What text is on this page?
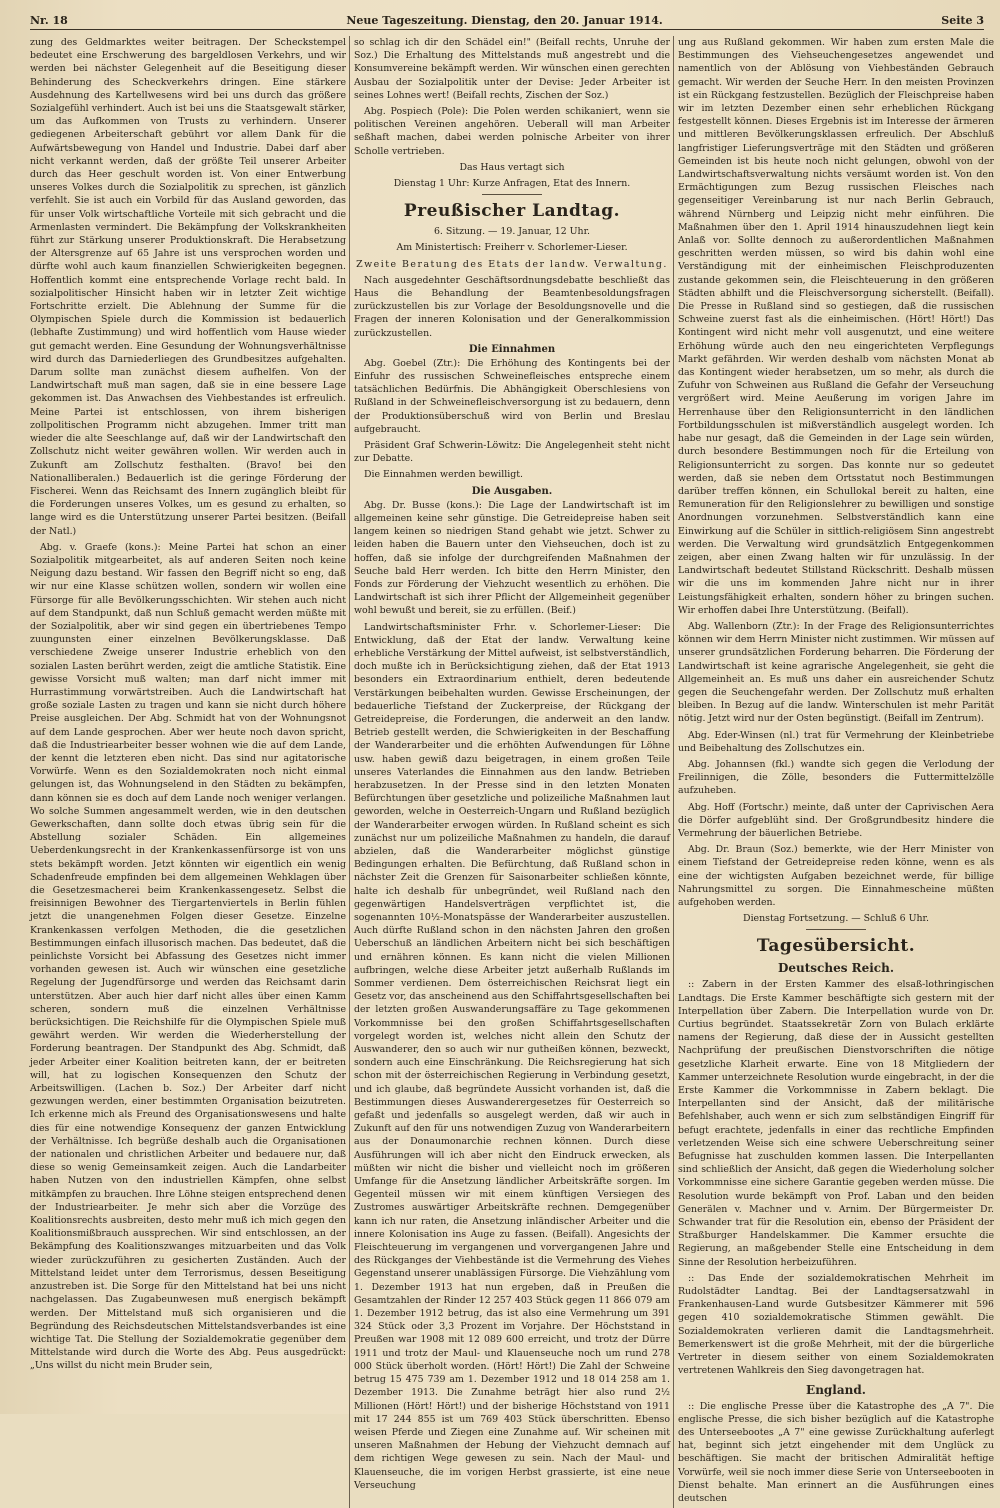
Nr. 18	Neue Tageszeitung. Dienstag, den 20. Januar 1914.	Seite 3

zung des Geldmarktes weiter beitragen. Der Scheckstempel bedeutet eine Erschwerung des bargeldlosen Verkehrs, und wir werden bei nächster Gelegenheit auf die Beseitigung dieser Behinderung des Scheckverkehrs dringen. Eine stärkere Ausdehnung des Kartellwesens wird bei uns durch das größere Sozialgefühl verhindert. Auch ist bei uns die Staatsgewalt stärker, um das Aufkommen von Trusts zu verhindern. Unserer gediegenen Arbeiterschaft gebührt vor allem Dank für die Aufwärtsbewegung von Handel und Industrie. Dabei darf aber nicht verkannt werden, daß der größte Teil unserer Arbeiter durch das Heer geschult worden ist. Von einer Entwerbung unseres Volkes durch die Sozialpolitik zu sprechen, ist gänzlich verfehlt. Sie ist auch ein Vorbild für das Ausland geworden, das für unser Volk wirtschaftliche Vorteile mit sich gebracht und die Armenlasten vermindert. Die Bekämpfung der Volkskrankheiten führt zur Stärkung unserer Produktionskraft. Die Herabsetzung der Altersgrenze auf 65 Jahre ist uns versprochen worden und dürfte wohl auch kaum finanziellen Schwierigkeiten begegnen. Hoffentlich kommt eine entsprechende Vorlage recht bald. In sozialpolitischer Hinsicht haben wir in letzter Zeit wichtige Fortschritte erzielt. Die Ablehnung der Summe für die Olympischen Spiele durch die Kommission ist bedauerlich (lebhafte Zustimmung) und wird hoffentlich vom Hause wieder gut gemacht werden. Eine Gesundung der Wohnungsverhältnisse wird durch das Darniederliegen des Grundbesitzes aufgehalten. Darum sollte man zunächst diesem aufhelfen. Von der Landwirtschaft muß man sagen, daß sie in eine bessere Lage gekommen ist. Das Anwachsen des Viehbestandes ist erfreulich. Meine Partei ist entschlossen, von ihrem bisherigen zollpolitischen Programm nicht abzugehen. Immer tritt man wieder die alte Seeschlange auf, daß wir der Landwirtschaft den Zollschutz nicht weiter gewähren wollen. Wir werden auch in Zukunft am Zollschutz festhalten. (Bravo! bei den Nationalliberalen.) Bedauerlich ist die geringe Förderung der Fischerei. Wenn das Reichsamt des Innern zugänglich bleibt für die Forderungen unseres Volkes, um es gesund zu erhalten, so lange wird es die Unterstützung unserer Partei besitzen. (Beifall der Natl.)

Abg. v. Graefe (kons.): Meine Partei hat schon an einer Sozialpolitik mitgearbeitet, als auf anderen Seiten noch keine Neigung dazu bestand. Wir fassen den Begriff nicht so eng, daß wir nur eine Klasse schützen wollen, sondern wir wollen eine Fürsorge für alle Bevölkerungsschichten. Wir stehen auch nicht auf dem Standpunkt, daß nun Schluß gemacht werden müßte mit der Sozialpolitik, aber wir sind gegen ein übertriebenes Tempo zuungunsten einer einzelnen Bevölkerungsklasse. Daß verschiedene Zweige unserer Industrie erheblich von den sozialen Lasten berührt werden, zeigt die amtliche Statistik. Eine gewisse Vorsicht muß walten; man darf nicht immer mit Hurrastimmung vorwärtstreiben. Auch die Landwirtschaft hat große soziale Lasten zu tragen und kann sie nicht durch höhere Preise ausgleichen. Der Abg. Schmidt hat von der Wohnungsnot auf dem Lande gesprochen. Aber wer heute noch davon spricht, daß die Industriearbeiter besser wohnen wie die auf dem Lande, der kennt die letzteren eben nicht. Das sind nur agitatorische Vorwürfe. Wenn es den Sozialdemokraten noch nicht einmal gelungen ist, das Wohnungselend in den Städten zu bekämpfen, dann können sie es doch auf dem Lande noch weniger verlangen. Wo solche Summen angesammelt werden, wie in den deutschen Gewerkschaften, dann sollte doch etwas übrig sein für die Abstellung sozialer Schäden. Ein allgemeines Ueberdenkungsrecht in der Krankenkassenfürsorge ist von uns stets bekämpft worden. Jetzt könnten wir eigentlich ein wenig Schadenfreude empfinden bei dem allgemeinen Wehklagen über die Gesetzesmacherei beim Krankenkassengesetz. Selbst die freisinnigen Bewohner des Tiergartenviertels in Berlin fühlen jetzt die unangenehmen Folgen dieser Gesetze. Einzelne Krankenkassen verfolgen Methoden, die die gesetzlichen Bestimmungen einfach illusorisch machen. Das bedeutet, daß die peinlichste Vorsicht bei Abfassung des Gesetzes nicht immer vorhanden gewesen ist. Auch wir wünschen eine gesetzliche Regelung der Jugendfürsorge und werden das Reichsamt darin unterstützen. Aber auch hier darf nicht alles über einen Kamm scheren, sondern muß die einzelnen Verhältnisse berücksichtigen. Die Reichshilfe für die Olympischen Spiele muß gewährt werden. Wir werden die Wiederherstellung der Forderung beantragen. Der Standpunkt des Abg. Schmidt, daß jeder Arbeiter einer Koalition beitreten kann, der er beitreten will, hat zu logischen Konsequenzen den Schutz der Arbeitswilligen. (Lachen b. Soz.) Der Arbeiter darf nicht gezwungen werden, einer bestimmten Organisation beizutreten. Ich erkenne mich als Freund des Organisationswesens und halte dies für eine notwendige Konsequenz der ganzen Entwicklung der Verhältnisse. Ich begrüße deshalb auch die Organisationen der nationalen und christlichen Arbeiter und bedauere nur, daß diese so wenig Gemeinsamkeit zeigen. Auch die Landarbeiter haben Nutzen von den industriellen Kämpfen, ohne selbst mitkämpfen zu brauchen. Ihre Löhne steigen entsprechend denen der Industriearbeiter. Je mehr sich aber die Vorzüge des Koalitionsrechts ausbreiten, desto mehr muß ich mich gegen den Koalitionsmißbrauch aussprechen. Wir sind entschlossen, an der Bekämpfung des Koalitionszwanges mitzuarbeiten und das Volk wieder zurückzuführen zu gesicherten Zuständen. Auch der Mittelstand leidet unter dem Terrorismus, dessen Beseitigung anzustreben ist. Die Sorge für den Mittelstand hat bei uns nicht nachgelassen. Das Zugabeunwesen muß energisch bekämpft werden. Der Mittelstand muß sich organisieren und die Begründung des Reichsdeutschen Mittelstandsverbandes ist eine wichtige Tat. Die Stellung der Sozialdemokratie gegenüber dem Mittelstande wird durch die Worte des Abg. Peus ausgedrückt: „Uns willst du nicht mein Bruder sein,

so schlag ich dir den Schädel ein!" (Beifall rechts, Unruhe der Soz.) Die Erhaltung des Mittelstands muß angestrebt und die Konsumvereine bekämpft werden. Wir wünschen einen gerechten Ausbau der Sozialpolitik unter der Devise: Jeder Arbeiter ist seines Lohnes wert! (Beifall rechts, Zischen der Soz.)

Abg. Pospiech (Pole): Die Polen werden schikaniert, wenn sie politischen Vereinen angehören. Ueberall will man Arbeiter seßhaft machen, dabei werden polnische Arbeiter von ihrer Scholle vertrieben.

Das Haus vertagt sich

Dienstag 1 Uhr: Kurze Anfragen, Etat des Innern.

Preußischer Landtag.

6. Sitzung. — 19. Januar, 12 Uhr.

Am Ministertisch: Freiherr v. Schorlemer-Lieser.

Zweite Beratung des Etats der landw. Verwaltung.

Nach ausgedehnter Geschäftsordnungsdebatte beschließt das Haus die Behandlung der Beamtenbesoldungsfragen zurückzustellen bis zur Vorlage der Besoldungsnovelle und die Fragen der inneren Kolonisation und der Generalkommission zurückzustellen.

Die Einnahmen

Abg. Goebel (Ztr.): Die Erhöhung des Kontingents bei der Einfuhr des russischen Schweinefleisches entspreche einem tatsächlichen Bedürfnis. Die Abhängigkeit Oberschlesiens von Rußland in der Schweinefleischversorgung ist zu bedauern, denn der Produktionsüberschuß wird von Berlin und Breslau aufgebraucht.

Präsident Graf Schwerin-Löwitz: Die Angelegenheit steht nicht zur Debatte.

Die Einnahmen werden bewilligt.

Die Ausgaben.

Abg. Dr. Busse (kons.): Die Lage der Landwirtschaft ist im allgemeinen keine sehr günstige. Die Getreidepreise haben seit langem keinen so niedrigen Stand gehabt wie jetzt. Schwer zu leiden haben die Bauern unter den Viehseuchen, doch ist zu hoffen, daß sie infolge der durchgreifenden Maßnahmen der Seuche bald Herr werden. Ich bitte den Herrn Minister, den Fonds zur Förderung der Viehzucht wesentlich zu erhöhen. Die Landwirtschaft ist sich ihrer Pflicht der Allgemeinheit gegenüber wohl bewußt und bereit, sie zu erfüllen. (Beif.)

Landwirtschaftsminister Frhr. v. Schorlemer-Lieser: Die Entwicklung, daß der Etat der landw. Verwaltung keine erhebliche Verstärkung der Mittel aufweist, ist selbstverständlich, doch mußte ich in Berücksichtigung ziehen, daß der Etat 1913 besonders ein Extraordinarium enthielt, deren bedeutende Verstärkungen beibehalten wurden. Gewisse Erscheinungen, der bedauerliche Tiefstand der Zuckerpreise, der Rückgang der Getreidepreise, die Forderungen, die anderweit an den landw. Betrieb gestellt werden, die Schwierigkeiten in der Beschaffung der Wanderarbeiter und die erhöhten Aufwendungen für Löhne usw. haben gewiß dazu beigetragen, in einem großen Teile unseres Vaterlandes die Einnahmen aus den landw. Betrieben herabzusetzen. In der Presse sind in den letzten Monaten Befürchtungen über gesetzliche und polizeiliche Maßnahmen laut geworden, welche in Oesterreich-Ungarn und Rußland bezüglich der Wanderarbeiter erwogen würden. In Rußland scheint es sich zunächst nur um polizeiliche Maßnahmen zu handeln, die darauf abzielen, daß die Wanderarbeiter möglichst günstige Bedingungen erhalten. Die Befürchtung, daß Rußland schon in nächster Zeit die Grenzen für Saisonarbeiter schließen könnte, halte ich deshalb für unbegründet, weil Rußland nach den gegenwärtigen Handelsverträgen verpflichtet ist, die sogenannten 10½-Monatspässe der Wanderarbeiter auszustellen. Auch dürfte Rußland schon in den nächsten Jahren den großen Ueberschuß an ländlichen Arbeitern nicht bei sich beschäftigen und ernähren können. Es kann nicht die vielen Millionen aufbringen, welche diese Arbeiter jetzt außerhalb Rußlands im Sommer verdienen. Dem österreichischen Reichsrat liegt ein Gesetz vor, das anscheinend aus den Schiffahrtsgesellschaften bei der letzten großen Auswanderungsaffäre zu Tage gekommenen Vorkommnisse bei den großen Schiffahrtsgesellschaften vorgelegt worden ist, welches nicht allein den Schutz der Auswanderer, den so auch wir nur gutheißen können, bezweckt, sondern auch eine Einschränkung. Die Reichsregierung hat sich schon mit der österreichischen Regierung in Verbindung gesetzt, und ich glaube, daß begründete Aussicht vorhanden ist, daß die Bestimmungen dieses Auswanderergesetzes für Oesterreich so gefaßt und jedenfalls so ausgelegt werden, daß wir auch in Zukunft auf den für uns notwendigen Zuzug von Wanderarbeitern aus der Donaumonarchie rechnen können. Durch diese Ausführungen will ich aber nicht den Eindruck erwecken, als müßten wir nicht die bisher und vielleicht noch im größeren Umfange für die Ansetzung ländlicher Arbeitskräfte sorgen. Im Gegenteil müssen wir mit einem künftigen Versiegen des Zustromes auswärtiger Arbeitskräfte rechnen. Demgegenüber kann ich nur raten, die Ansetzung inländischer Arbeiter und die innere Kolonisation ins Auge zu fassen. (Beifall). Angesichts der Fleischteuerung im vergangenen und vorvergangenen Jahre und des Rückganges der Viehbestände ist die Vermehrung des Viehes Gegenstand unserer unablässigen Fürsorge. Die Viehzählung vom 1. Dezember 1913 hat nun ergeben, daß in Preußen die Gesamtzahlen der Rinder 12 257 403 Stück gegen 11 866 079 am 1. Dezember 1912 betrug, das ist also eine Vermehrung um 391 324 Stück oder 3,3 Prozent im Vorjahre. Der Höchststand in Preußen war 1908 mit 12 089 600 erreicht, und trotz der Dürre 1911 und trotz der Maul- und Klauenseuche noch um rund 278 000 Stück überholt worden. (Hört! Hört!) Die Zahl der Schweine betrug 15 475 739 am 1. Dezember 1912 und 18 014 258 am 1. Dezember 1913. Die Zunahme beträgt hier also rund 2½ Millionen (Hört! Hört!) und der bisherige Höchststand von 1911 mit 17 244 855 ist um 769 403 Stück überschritten. Ebenso weisen Pferde und Ziegen eine Zunahme auf. Wir scheinen mit unseren Maßnahmen der Hebung der Viehzucht demnach auf dem richtigen Wege gewesen zu sein. Nach der Maul- und Klauenseuche, die im vorigen Herbst grassierte, ist eine neue Verseuchung

ung aus Rußland gekommen. Wir haben zum ersten Male die Bestimmungen des Viehseuchengesetzes angewendet und namentlich von der Ablösung von Viehbeständen Gebrauch gemacht. Wir werden der Seuche Herr. In den meisten Provinzen ist ein Rückgang festzustellen. Bezüglich der Fleischpreise haben wir im letzten Dezember einen sehr erheblichen Rückgang festgestellt können. Dieses Ergebnis ist im Interesse der ärmeren und mittleren Bevölkerungsklassen erfreulich. Der Abschluß langfristiger Lieferungsverträge mit den Städten und größeren Gemeinden ist bis heute noch nicht gelungen, obwohl von der Landwirtschaftsverwaltung nichts versäumt worden ist. Von den Ermächtigungen zum Bezug russischen Fleisches nach gegenseitiger Vereinbarung ist nur nach Berlin Gebrauch, während Nürnberg und Leipzig nicht mehr einführen. Die Maßnahmen über den 1. April 1914 hinauszudehnen liegt kein Anlaß vor. Sollte dennoch zu außerordentlichen Maßnahmen geschritten werden müssen, so wird bis dahin wohl eine Verständigung mit der einheimischen Fleischproduzenten zustande gekommen sein, die Fleischteuerung in den größeren Städten abhilft und die Fleischversorgung sicherstellt. (Beifall). Die Presse in Rußland sind so gestiegen, daß die russischen Schweine zuerst fast als die einheimischen. (Hört! Hört!) Das Kontingent wird nicht mehr voll ausgenutzt, und eine weitere Erhöhung würde auch den neu eingerichteten Verpflegungs Markt gefährden. Wir werden deshalb vom nächsten Monat ab das Kontingent wieder herabsetzen, um so mehr, als durch die Zufuhr von Schweinen aus Rußland die Gefahr der Verseuchung vergrößert wird. Meine Aeußerung im vorigen Jahre im Herrenhause über den Religionsunterricht in den ländlichen Fortbildungsschulen ist mißverständlich ausgelegt worden. Ich habe nur gesagt, daß die Gemeinden in der Lage sein würden, durch besondere Bestimmungen noch für die Erteilung von Religionsunterricht zu sorgen. Das konnte nur so gedeutet werden, daß sie neben dem Ortsstatut noch Bestimmungen darüber treffen können, ein Schullokal bereit zu halten, eine Remuneration für den Religionslehrer zu bewilligen und sonstige Anordnungen vorzunehmen. Selbstverständlich kann eine Einwirkung auf die Schüler in sittlich-religiösem Sinn angestrebt werden. Die Verwaltung wird grundsätzlich Entgegenkommen zeigen, aber einen Zwang halten wir für unzulässig. In der Landwirtschaft bedeutet Stillstand Rückschritt. Deshalb müssen wir die uns im kommenden Jahre nicht nur in ihrer Leistungsfähigkeit erhalten, sondern höher zu bringen suchen. Wir erhoffen dabei Ihre Unterstützung. (Beifall).

Abg. Wallenborn (Ztr.): In der Frage des Religionsunterrichtes können wir dem Herrn Minister nicht zustimmen. Wir müssen auf unserer grundsätzlichen Forderung beharren. Die Förderung der Landwirtschaft ist keine agrarische Angelegenheit, sie geht die Allgemeinheit an. Es muß uns daher ein ausreichender Schutz gegen die Seuchengefahr werden. Der Zollschutz muß erhalten bleiben. In Bezug auf die landw. Winterschulen ist mehr Parität nötig. Jetzt wird nur der Osten begünstigt. (Beifall im Zentrum).

Abg. Eder-Winsen (nl.) trat für Vermehrung der Kleinbetriebe und Beibehaltung des Zollschutzes ein.

Abg. Johannsen (fkl.) wandte sich gegen die Verlodung der Freilinnigen, die Zölle, besonders die Futtermittelzölle aufzuheben.

Abg. Hoff (Fortschr.) meinte, daß unter der Caprivischen Aera die Dörfer aufgeblüht sind. Der Großgrundbesitz hindere die Vermehrung der bäuerlichen Betriebe.

Abg. Dr. Braun (Soz.) bemerkte, wie der Herr Minister von einem Tiefstand der Getreidepreise reden könne, wenn es als eine der wichtigsten Aufgaben bezeichnet werde, für billige Nahrungsmittel zu sorgen. Die Einnahmescheine müßten aufgehoben werden.

Dienstag Fortsetzung. — Schluß 6 Uhr.

Tagesübersicht.
Deutsches Reich.

:: Zabern in der Ersten Kammer des elsaß-lothringischen Landtags. Die Erste Kammer beschäftigte sich gestern mit der Interpellation über Zabern. Die Interpellation wurde von Dr. Curtius begründet. Staatssekretär Zorn von Bulach erklärte namens der Regierung, daß diese der in Aussicht gestellten Nachprüfung der preußischen Dienstvorschriften die nötige gesetzliche Klarheit erwarte. Eine von 18 Mitgliedern der Kammer unterzeichnete Resolution wurde eingebracht, in der die Erste Kammer die Vorkommnisse in Zabern beklagt. Die Interpellanten sind der Ansicht, daß der militärische Befehlshaber, auch wenn er sich zum selbständigen Eingriff für befugt erachtete, jedenfalls in einer das rechtliche Empfinden verletzenden Weise sich eine schwere Ueberschreitung seiner Befugnisse hat zuschulden kommen lassen. Die Interpellanten sind schließlich der Ansicht, daß gegen die Wiederholung solcher Vorkommnisse eine sichere Garantie gegeben werden müsse. Die Resolution wurde bekämpft von Prof. Laban und den beiden Generälen v. Machner und v. Arnim. Der Bürgermeister Dr. Schwander trat für die Resolution ein, ebenso der Präsident der Straßburger Handelskammer. Die Kammer ersuchte die Regierung, an maßgebender Stelle eine Entscheidung in dem Sinne der Resolution herbeizuführen.

:: Das Ende der sozialdemokratischen Mehrheit im Rudolstädter Landtag. Bei der Landtagsersatzwahl in Frankenhausen-Land wurde Gutsbesitzer Kämmerer mit 596 gegen 410 sozialdemokratische Stimmen gewählt. Die Sozialdemokraten verlieren damit die Landtagsmehrheit. Bemerkenswert ist die große Mehrheit, mit der die bürgerliche Vertreter in diesem seither von einem Sozialdemokraten vertretenen Wahlkreis den Sieg davongetragen hat.

England.

:: Die englische Presse über die Katastrophe des „A 7". Die englische Presse, die sich bisher bezüglich auf die Katastrophe des Unterseebootes „A 7" eine gewisse Zurückhaltung auferlegt hat, beginnt sich jetzt eingehender mit dem Unglück zu beschäftigen. Sie macht der britischen Admiralität heftige Vorwürfe, weil sie noch immer diese Serie von Unterseebooten in Dienst behalte. Man erinnert an die Ausführungen eines deutschen
